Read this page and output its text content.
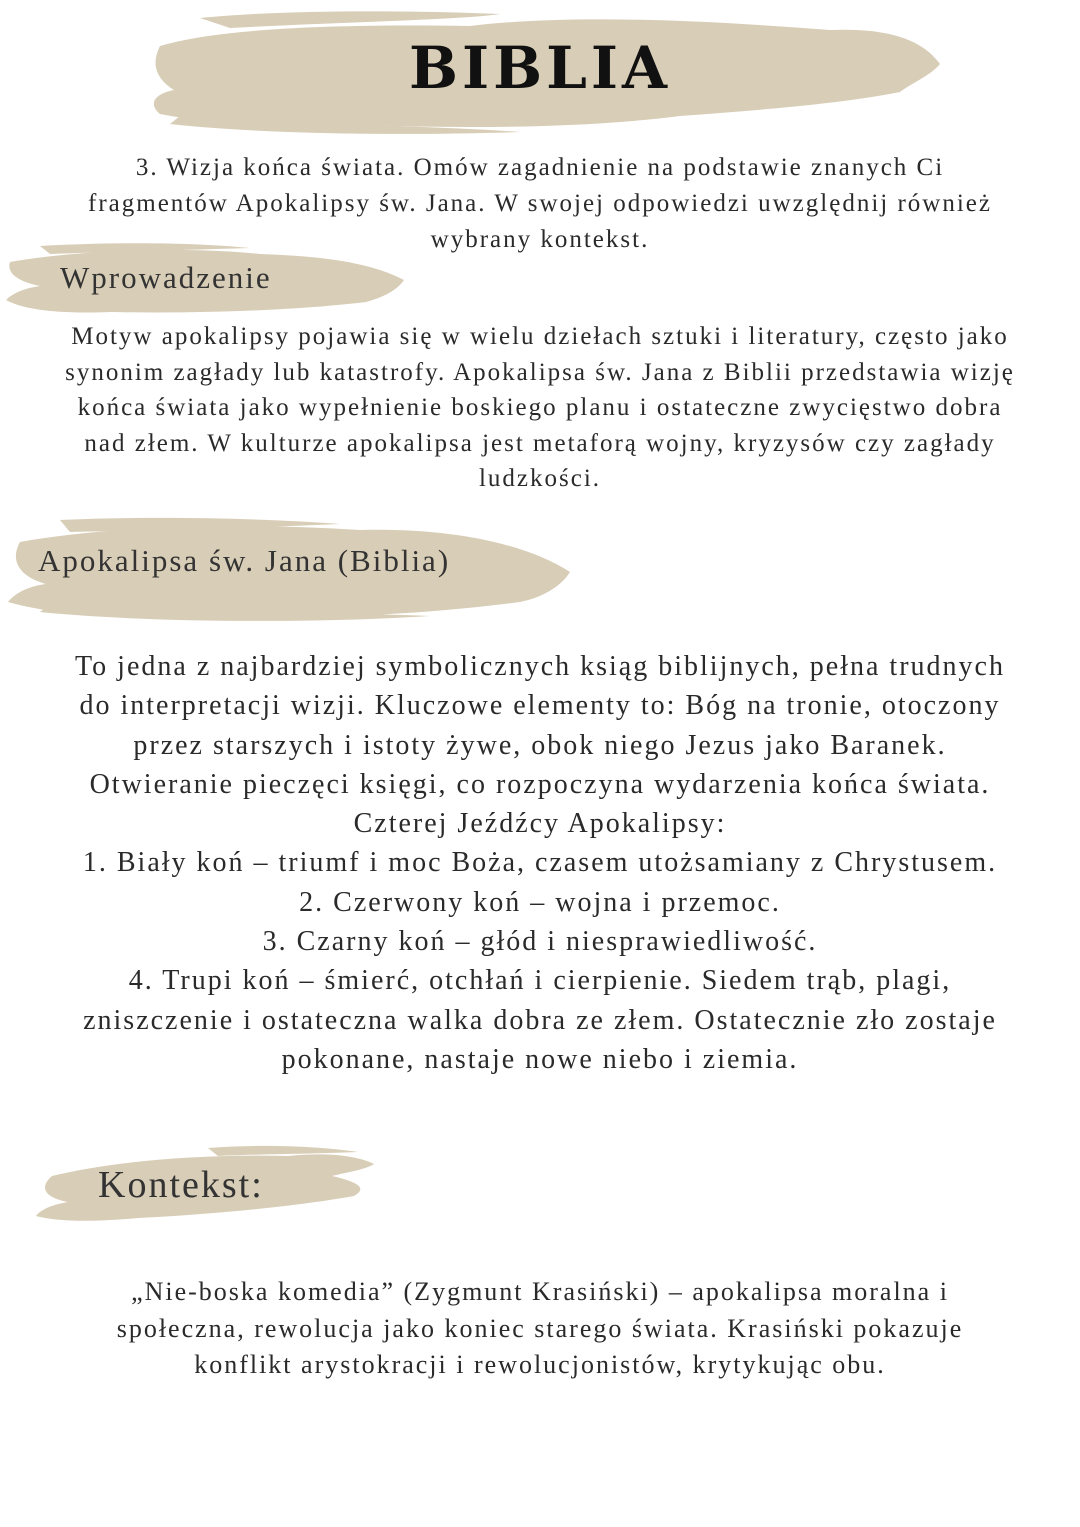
BIBLIA
3. Wizja końca świata. Omów zagadnienie na podstawie znanych Ci
fragmentów Apokalipsy św. Jana. W swojej odpowiedzi uwzględnij również
wybrany kontekst.
Wprowadzenie
Motyw apokalipsy pojawia się w wielu dziełach sztuki i literatury, często jako
synonim zagłady lub katastrofy. Apokalipsa św. Jana z Biblii przedstawia wizję
końca świata jako wypełnienie boskiego planu i ostateczne zwycięstwo dobra
nad złem. W kulturze apokalipsa jest metaforą wojny, kryzysów czy zagłady
ludzkości.
Apokalipsa św. Jana (Biblia)
To jedna z najbardziej symbolicznych ksiąg biblijnych, pełna trudnych
do interpretacji wizji. Kluczowe elementy to: Bóg na tronie, otoczony
przez starszych i istoty żywe, obok niego Jezus jako Baranek.
Otwieranie pieczęci księgi, co rozpoczyna wydarzenia końca świata.
Czterej Jeźdźcy Apokalipsy:
1. Biały koń – triumf i moc Boża, czasem utożsamiany z Chrystusem.
2. Czerwony koń – wojna i przemoc.
3. Czarny koń – głód i niesprawiedliwość.
4. Trupi koń – śmierć, otchłań i cierpienie. Siedem trąb, plagi,
zniszczenie i ostateczna walka dobra ze złem. Ostatecznie zło zostaje
pokonane, nastaje nowe niebo i ziemia.
Kontekst:
„Nie-boska komedia” (Zygmunt Krasiński) – apokalipsa moralna i
społeczna, rewolucja jako koniec starego świata. Krasiński pokazuje
konflikt arystokracji i rewolucjonistów, krytykując obu.
